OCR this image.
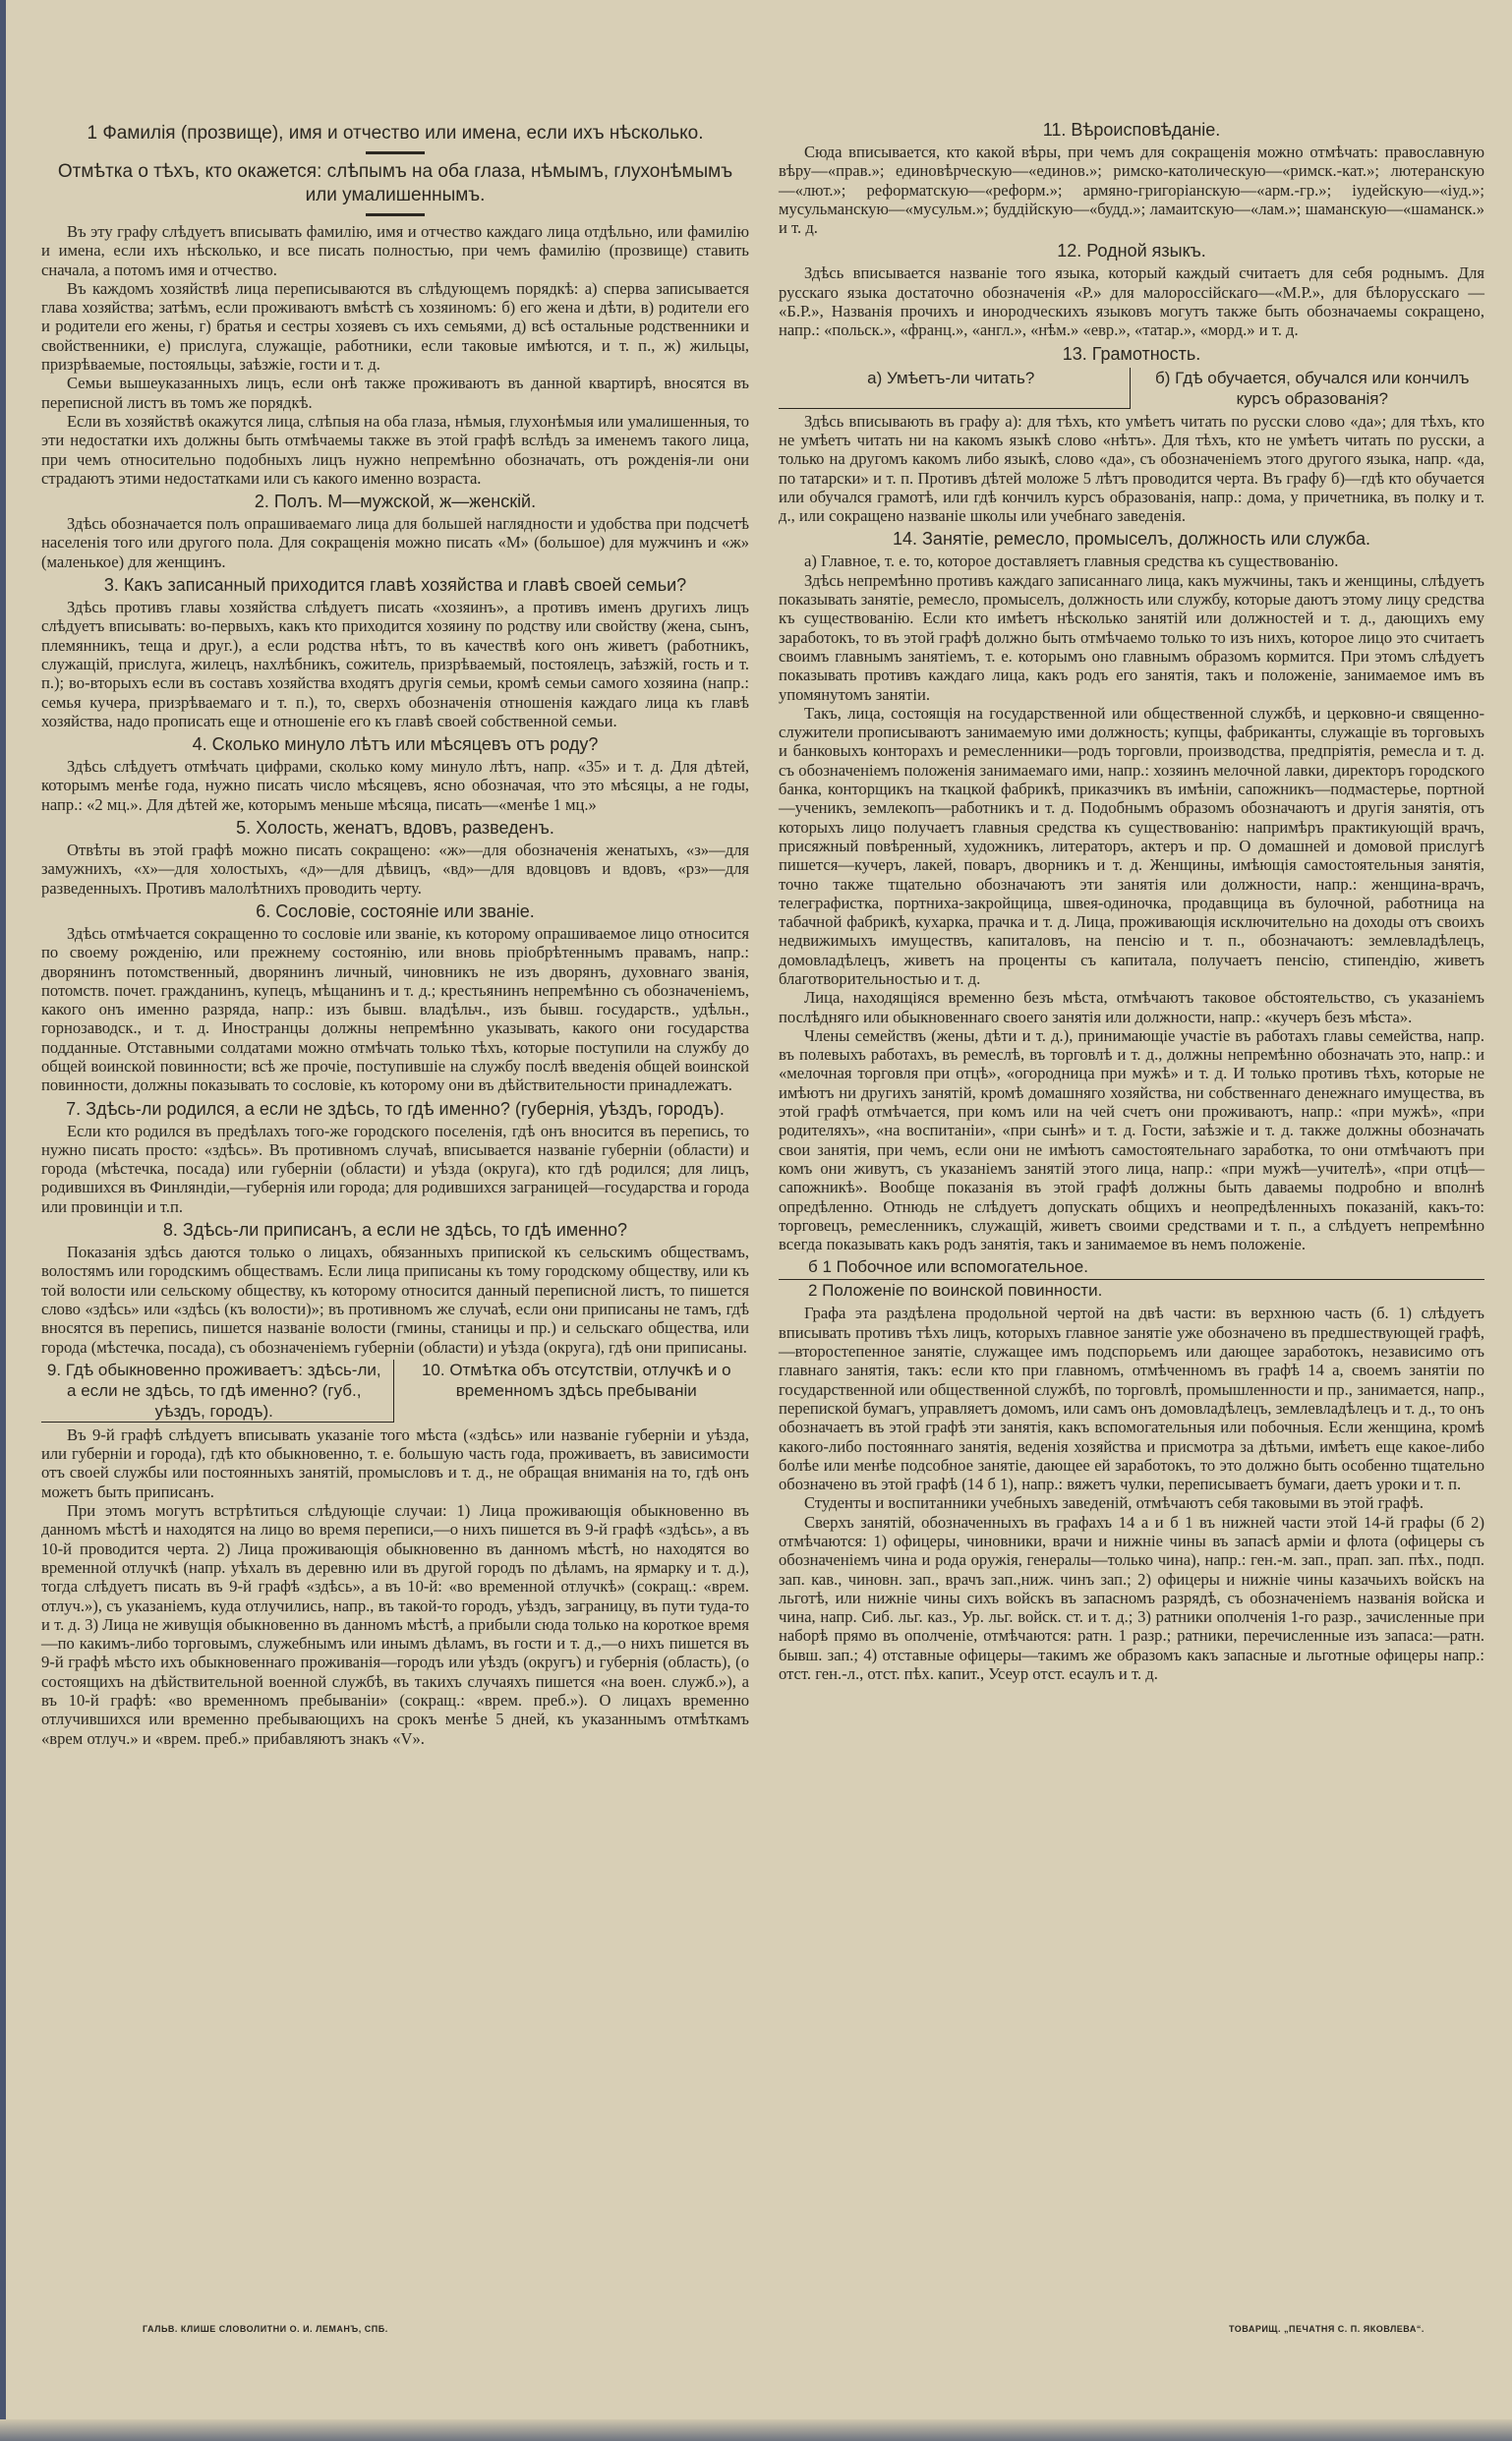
1 Фамилія (прозвище), имя и отчество или имена, если ихъ нѣсколько.
Отмѣтка о тѣхъ, кто окажется: слѣпымъ на оба глаза, нѣмымъ, глухонѣмымъ или умалишеннымъ.
Въ эту графу слѣдуетъ вписывать фамилію, имя и отчество каждаго лица отдѣльно, или фамилію и имена, если ихъ нѣсколько, и все писать полностью, при чемъ фамилію (прозвище) ставить сначала, а потомъ имя и отчество.
Въ каждомъ хозяйствѣ лица переписываются въ слѣдующемъ порядкѣ: а) сперва записывается глава хозяйства; затѣмъ, если проживаютъ вмѣстѣ съ хозяиномъ: б) его жена и дѣти, в) родители его и родители его жены, г) братья и сестры хозяевъ съ ихъ семьями, д) всѣ остальные родственники и свойственники, е) прислуга, служащіе, работники, если таковые имѣются, и т. п., ж) жильцы, призрѣваемые, постояльцы, заѣзжіе, гости и т. д.
Семьи вышеуказанныхъ лицъ, если онѣ также проживаютъ въ данной квартирѣ, вносятся въ переписной листъ въ томъ же порядкѣ.
Если въ хозяйствѣ окажутся лица, слѣпыя на оба глаза, нѣмыя, глухонѣмыя или умалишенныя, то эти недостатки ихъ должны быть отмѣчаемы также въ этой графѣ вслѣдъ за именемъ такого лица, при чемъ относительно подобныхъ лицъ нужно непремѣнно обозначать, отъ рожденія-ли они страдаютъ этими недостатками или съ какого именно возраста.
2. Полъ. М—мужской, ж—женскій.
Здѣсь обозначается полъ опрашиваемаго лица для большей наглядности и удобства при подсчетѣ населенія того или другого пола. Для сокращенія можно писать «М» (большое) для мужчинъ и «ж» (маленькое) для женщинъ.
3. Какъ записанный приходится главѣ хозяйства и главѣ своей семьи?
Здѣсь противъ главы хозяйства слѣдуетъ писать «хозяинъ», а противъ именъ другихъ лицъ слѣдуетъ вписывать: во-первыхъ, какъ кто приходится хозяину по родству или свойству (жена, сынъ, племянникъ, теща и друг.), а если родства нѣтъ, то въ качествѣ кого онъ живетъ (работникъ, служащій, прислуга, жилецъ, нахлѣбникъ, сожитель, призрѣваемый, постоялецъ, заѣзжій, гость и т. п.); во-вторыхъ если въ составъ хозяйства входятъ другія семьи, кромѣ семьи самого хозяина (напр.: семья кучера, призрѣваемаго и т. п.), то, сверхъ обозначенія отношенія каждаго лица къ главѣ хозяйства, надо прописать еще и отношеніе его къ главѣ своей собственной семьи.
4. Сколько минуло лѣтъ или мѣсяцевъ отъ роду?
Здѣсь слѣдуетъ отмѣчать цифрами, сколько кому минуло лѣтъ, напр. «35» и т. д. Для дѣтей, которымъ менѣе года, нужно писать число мѣсяцевъ, ясно обозначая, что это мѣсяцы, а не годы, напр.: «2 мц.». Для дѣтей же, которымъ меньше мѣсяца, писать—«менѣе 1 мц.»
5. Холость, женатъ, вдовъ, разведенъ.
Отвѣты въ этой графѣ можно писать сокращено: «ж»—для обозначенія женатыхъ, «з»—для замужнихъ, «х»—для холостыхъ, «д»—для дѣвицъ, «вд»—для вдовцовъ и вдовъ, «рз»—для разведенныхъ. Противъ малолѣтнихъ проводить черту.
6. Сословіе, состояніе или званіе.
Здѣсь отмѣчается сокращенно то сословіе или званіе, къ которому опрашиваемое лицо относится по своему рожденію, или прежнему состоянію, или вновь пріобрѣтеннымъ правамъ, напр.: дворянинъ потомственный, дворянинъ личный, чиновникъ не изъ дворянъ, духовнаго званія, потомств. почет. гражданинъ, купецъ, мѣщанинъ и т. д.; крестьянинъ непремѣнно съ обозначеніемъ, какого онъ именно разряда, напр.: изъ бывш. владѣльч., изъ бывш. государств., удѣльн., горнозаводск., и т. д. Иностранцы должны непремѣнно указывать, какого они государства подданные. Отставными солдатами можно отмѣчать только тѣхъ, которые поступили на службу до общей воинской повинности; всѣ же прочіе, поступившіе на службу послѣ введенія общей воинской повинности, должны показывать то сословіе, къ которому они въ дѣйствительности принадлежатъ.
7. Здѣсь-ли родился, а если не здѣсь, то гдѣ именно? (губернія, уѣздъ, городъ).
Если кто родился въ предѣлахъ того-же городского поселенія, гдѣ онъ вносится въ перепись, то нужно писать просто: «здѣсь». Въ противномъ случаѣ, вписывается названіе губерніи (области) и города (мѣстечка, посада) или губерніи (области) и уѣзда (округа), кто гдѣ родился; для лицъ, родившихся въ Финляндіи,—губернія или города; для родившихся заграницей—государства и города или провинціи и т.п.
8. Здѣсь-ли приписанъ, а если не здѣсь, то гдѣ именно?
Показанія здѣсь даются только о лицахъ, обязанныхъ припиской къ сельскимъ обществамъ, волостямъ или городскимъ обществамъ. Если лица приписаны къ тому городскому обществу, или къ той волости или сельскому обществу, къ которому относится данный переписной листъ, то пишется слово «здѣсь» или «здѣсь (къ волости)»; въ противномъ же случаѣ, если они приписаны не тамъ, гдѣ вносятся въ перепись, пишется названіе волости (гмины, станицы и пр.) и сельскаго общества, или города (мѣстечка, посада), съ обозначеніемъ губерніи (области) и уѣзда (округа), гдѣ они приписаны.
9. Гдѣ обыкновенно проживаетъ: здѣсь-ли, а если не здѣсь, то гдѣ именно? (губ., уѣздъ, городъ).
10. Отмѣтка объ отсутствіи, отлучкѣ и о временномъ здѣсь пребываніи
Въ 9-й графѣ слѣдуетъ вписывать указаніе того мѣста («здѣсь» или названіе губерніи и уѣзда, или губерніи и города), гдѣ кто обыкновенно, т. е. большую часть года, проживаетъ, въ зависимости отъ своей службы или постоянныхъ занятій, промысловъ и т. д., не обращая вниманія на то, гдѣ онъ можетъ быть приписанъ.
При этомъ могутъ встрѣтиться слѣдующіе случаи: 1) Лица проживающія обыкновенно въ данномъ мѣстѣ и находятся на лицо во время переписи,—о нихъ пишется въ 9-й графѣ «здѣсь», а въ 10-й проводится черта. 2) Лица проживающія обыкновенно въ данномъ мѣстѣ, но находятся во временной отлучкѣ (напр. уѣхалъ въ деревню или въ другой городъ по дѣламъ, на ярмарку и т. д.), тогда слѣдуетъ писать въ 9-й графѣ «здѣсь», а въ 10-й: «во временной отлучкѣ» (сокращ.: «врем. отлуч.»), съ указаніемъ, куда отлучились, напр., въ такой-то городъ, уѣздъ, заграницу, въ пути туда-то и т. д. 3) Лица не живущія обыкновенно въ данномъ мѣстѣ, а прибыли сюда только на короткое время—по какимъ-либо торговымъ, служебнымъ или инымъ дѣламъ, въ гости и т. д.,—о нихъ пишется въ 9-й графѣ мѣсто ихъ обыкновеннаго проживанія—городъ или уѣздъ (округъ) и губернія (область), (о состоящихъ на дѣйствительной военной службѣ, въ такихъ случаяхъ пишется «на воен. служб.»), а въ 10-й графѣ: «во временномъ пребываніи» (сокращ.: «врем. преб.»). О лицахъ временно отлучившихся или временно пребывающихъ на срокъ менѣе 5 дней, къ указаннымъ отмѣткамъ «врем отлуч.» и «врем. преб.» прибавляютъ знакъ «V».
11. Вѣроисповѣданіе.
Сюда вписывается, кто какой вѣры, при чемъ для сокращенія можно отмѣчать: православную вѣру—«прав.»; единовѣрческую—«единов.»; римско-католическую—«римск.-кат.»; лютеранскую—«лют.»; реформатскую—«реформ.»; армяно-григоріанскую—«арм.-гр.»; іудейскую—«іуд.»; мусульманскую—«мусульм.»; буддійскую—«будд.»; ламаитскую—«лам.»; шаманскую—«шаманск.» и т. д.
12. Родной языкъ.
Здѣсь вписывается названіе того языка, который каждый считаетъ для себя роднымъ. Для русскаго языка достаточно обозначенія «Р.» для малороссійскаго—«М.Р.», для бѣлорусскаго — «Б.Р.», Названія прочихъ и инородческихъ языковъ могутъ также быть обозначаемы сокращено, напр.: «польск.», «франц.», «англ.», «нѣм.» «евр.», «татар.», «морд.» и т. д.
13. Грамотность.
а) Умѣетъ-ли читать?	б) Гдѣ обучается, обучался или кончилъ курсъ образованія?
Здѣсь вписывають въ графу а): для тѣхъ, кто умѣетъ читать по русски слово «да»; для тѣхъ, кто не умѣетъ читать ни на какомъ языкѣ слово «нѣтъ». Для тѣхъ, кто не умѣетъ читать по русски, а только на другомъ какомъ либо языкѣ, слово «да», съ обозначеніемъ этого другого языка, напр. «да, по татарски» и т. п. Противъ дѣтей моложе 5 лѣтъ проводится черта. Въ графу б)—гдѣ кто обучается или обучался грамотѣ, или гдѣ кончилъ курсъ образованія, напр.: дома, у причетника, въ полку и т. д., или сокращено названіе школы или учебнаго заведенія.
14. Занятіе, ремесло, промыселъ, должность или служба.
а) Главное, т. е. то, которое доставляетъ главныя средства къ существованію.
Здѣсь непремѣнно противъ каждаго записаннаго лица, какъ мужчины, такъ и женщины, слѣдуетъ показывать занятіе, ремесло, промыселъ, должность или службу, которые даютъ этому лицу средства къ существованію. Если кто имѣетъ нѣсколько занятій или должностей и т. д., дающихъ ему заработокъ, то въ этой графѣ должно быть отмѣчаемо только то изъ нихъ, которое лицо это считаетъ своимъ главнымъ занятіемъ, т. е. которымъ оно главнымъ образомъ кормится. При этомъ слѣдуетъ показывать противъ каждаго лица, какъ родъ его занятія, такъ и положеніе, занимаемое имъ въ упомянутомъ занятіи.
Такъ, лица, состоящія на государственной или общественной службѣ, и церковно-и священно-служители прописываютъ занимаемую ими должность; купцы, фабриканты, служащіе въ торговыхъ и банковыхъ конторахъ и ремесленники—родъ торговли, производства, предпріятія, ремесла и т. д. съ обозначеніемъ положенія занимаемаго ими, напр.: хозяинъ мелочной лавки, директоръ городского банка, конторщикъ на ткацкой фабрикѣ, приказчикъ въ имѣніи, сапожникъ—подмастерье, портной—ученикъ, землекопъ—работникъ и т. д. Подобнымъ образомъ обозначаютъ и другія занятія, отъ которыхъ лицо получаетъ главныя средства къ существованію: напримѣръ практикующій врачъ, присяжный повѣренный, художникъ, литераторъ, актеръ и пр. О домашней и домовой прислугѣ пишется—кучеръ, лакей, поваръ, дворникъ и т. д. Женщины, имѣющія самостоятельныя занятія, точно также тщательно обозначаютъ эти занятія или должности, напр.: женщина-врачъ, телеграфистка, портниха-закройщица, швея-одиночка, продавщица въ булочной, работница на табачной фабрикѣ, кухарка, прачка и т. д. Лица, проживающія исключительно на доходы отъ своихъ недвижимыхъ имуществъ, капиталовъ, на пенсію и т. п., обозначаютъ: землевладѣлецъ, домовладѣлецъ, живетъ на проценты съ капитала, получаетъ пенсію, стипендію, живетъ благотворительностью и т. д.
Лица, находящіяся временно безъ мѣста, отмѣчаютъ таковое обстоятельство, съ указаніемъ послѣдняго или обыкновеннаго своего занятія или должности, напр.: «кучеръ безъ мѣста».
Члены семействъ (жены, дѣти и т. д.), принимающіе участіе въ работахъ главы семейства, напр. въ полевыхъ работахъ, въ ремеслѣ, въ торговлѣ и т. д., должны непремѣнно обозначать это, напр.: и «мелочная торговля при отцѣ», «огородница при мужѣ» и т. д. И только противъ тѣхъ, которые не имѣютъ ни другихъ занятій, кромѣ домашняго хозяйства, ни собственнаго денежнаго имущества, въ этой графѣ отмѣчается, при комъ или на чей счетъ они проживаютъ, напр.: «при мужѣ», «при родителяхъ», «на воспитаніи», «при сынѣ» и т. д. Гости, заѣзжіе и т. д. также должны обозначать свои занятія, при чемъ, если они не имѣютъ самостоятельнаго заработка, то они отмѣчаютъ при комъ они живутъ, съ указаніемъ занятій этого лица, напр.: «при мужѣ—учителѣ», «при отцѣ—сапожникѣ». Вообще показанія въ этой графѣ должны быть даваемы подробно и вполнѣ опредѣленно. Отнюдь не слѣдуетъ допускать общихъ и неопредѣленныхъ показаній, какъ-то: торговецъ, ремесленникъ, служащій, живетъ своими средствами и т. п., а слѣдуетъ непремѣнно всегда показывать какъ родъ занятія, такъ и занимаемое въ немъ положеніе.
б 1 Побочное или вспомогательное.
2 Положеніе по воинской повинности.
Графа эта раздѣлена продольной чертой на двѣ части: въ верхнюю часть (б. 1) слѣдуетъ вписывать противъ тѣхъ лицъ, которыхъ главное занятіе уже обозначено въ предшествующей графѣ,—второстепенное занятіе, служащее имъ подспорьемъ или дающее заработокъ, независимо отъ главнаго занятія, такъ: если кто при главномъ, отмѣченномъ въ графѣ 14 а, своемъ занятіи по государственной или общественной службѣ, по торговлѣ, промышленности и пр., занимается, напр., перепиской бумагъ, управляетъ домомъ, или самъ онъ домовладѣлецъ, землевладѣлецъ и т. д., то онъ обозначаетъ въ этой графѣ эти занятія, какъ вспомогательныя или побочныя. Если женщина, кромѣ какого-либо постояннаго занятія, веденія хозяйства и присмотра за дѣтьми, имѣетъ еще какое-либо болѣе или менѣе подсобное занятіе, дающее ей заработокъ, то это должно быть особенно тщательно обозначено въ этой графѣ (14 б 1), напр.: вяжетъ чулки, переписываетъ бумаги, даетъ уроки и т. п.
Студенты и воспитанники учебныхъ заведеній, отмѣчаютъ себя таковыми въ этой графѣ.
Сверхъ занятій, обозначенныхъ въ графахъ 14 а и б 1 въ нижней части этой 14-й графы (б 2) отмѣчаются: 1) офицеры, чиновники, врачи и нижніе чины въ запасѣ арміи и флота (офицеры съ обозначеніемъ чина и рода оружія, генералы—только чина), напр.: ген.-м. зап., прап. зап. пѣх., подп. зап. кав., чиновн. зап., врачъ зап.,ниж. чинъ зап.; 2) офицеры и нижніе чины казачьихъ войскъ на льготѣ, или нижніе чины сихъ войскъ въ запасномъ разрядѣ, съ обозначеніемъ названія войска и чина, напр. Сиб. льг. каз., Ур. льг. войск. ст. и т. д.; 3) ратники ополченія 1-го разр., зачисленные при наборѣ прямо въ ополченіе, отмѣчаются: ратн. 1 разр.; ратники, перечисленные изъ запаса:—ратн. бывш. зап.; 4) отставные офицеры—такимъ же образомъ какъ запасные и льготные офицеры напр.: отст. ген.-л., отст. пѣх. капит., Усеур отст. есаулъ и т. д.
ГАЛЬВ. КЛИШЕ СЛОВОЛИТНИ О. И. ЛЕМАНЪ, СПБ.	ТОВАРИЩ. „ПЕЧАТНЯ С. П. ЯКОВЛЕВА“.
